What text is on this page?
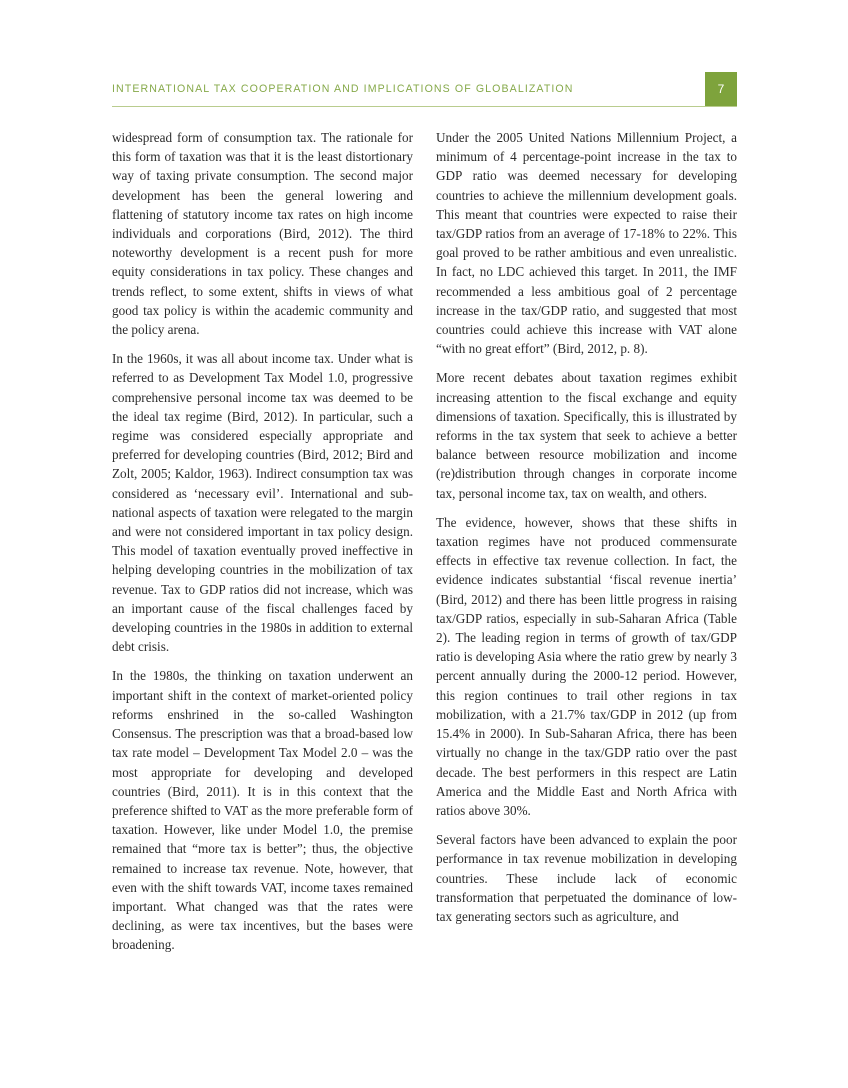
INTERNATIONAL TAX COOPERATION AND IMPLICATIONS OF GLOBALIZATION	7

widespread form of consumption tax. The rationale for this form of taxation was that it is the least distortionary way of taxing private consumption. The second major development has been the general lowering and flattening of statutory income tax rates on high income individuals and corporations (Bird, 2012). The third noteworthy development is a recent push for more equity considerations in tax policy. These changes and trends reflect, to some extent, shifts in views of what good tax policy is within the academic community and the policy arena.

In the 1960s, it was all about income tax. Under what is referred to as Development Tax Model 1.0, progressive comprehensive personal income tax was deemed to be the ideal tax regime (Bird, 2012). In particular, such a regime was considered especially appropriate and preferred for developing countries (Bird, 2012; Bird and Zolt, 2005; Kaldor, 1963). Indirect consumption tax was considered as ‘necessary evil’. International and sub-national aspects of taxation were relegated to the margin and were not considered important in tax policy design. This model of taxation eventually proved ineffective in helping developing countries in the mobilization of tax revenue. Tax to GDP ratios did not increase, which was an important cause of the fiscal challenges faced by developing countries in the 1980s in addition to external debt crisis.

In the 1980s, the thinking on taxation underwent an important shift in the context of market-oriented policy reforms enshrined in the so-called Washington Consensus. The prescription was that a broad-based low tax rate model – Development Tax Model 2.0 – was the most appropriate for developing and developed countries (Bird, 2011). It is in this context that the preference shifted to VAT as the more preferable form of taxation. However, like under Model 1.0, the premise remained that “more tax is better”; thus, the objective remained to increase tax revenue. Note, however, that even with the shift towards VAT, income taxes remained important. What changed was that the rates were declining, as were tax incentives, but the bases were broadening.

Under the 2005 United Nations Millennium Project, a minimum of 4 percentage-point increase in the tax to GDP ratio was deemed necessary for developing countries to achieve the millennium development goals. This meant that countries were expected to raise their tax/GDP ratios from an average of 17-18% to 22%. This goal proved to be rather ambitious and even unrealistic. In fact, no LDC achieved this target. In 2011, the IMF recommended a less ambitious goal of 2 percentage increase in the tax/GDP ratio, and suggested that most countries could achieve this increase with VAT alone “with no great effort” (Bird, 2012, p. 8).

More recent debates about taxation regimes exhibit increasing attention to the fiscal exchange and equity dimensions of taxation. Specifically, this is illustrated by reforms in the tax system that seek to achieve a better balance between resource mobilization and income (re)distribution through changes in corporate income tax, personal income tax, tax on wealth, and others.

The evidence, however, shows that these shifts in taxation regimes have not produced commensurate effects in effective tax revenue collection. In fact, the evidence indicates substantial ‘fiscal revenue inertia’ (Bird, 2012) and there has been little progress in raising tax/GDP ratios, especially in sub-Saharan Africa (Table 2). The leading region in terms of growth of tax/GDP ratio is developing Asia where the ratio grew by nearly 3 percent annually during the 2000-12 period. However, this region continues to trail other regions in tax mobilization, with a 21.7% tax/GDP in 2012 (up from 15.4% in 2000). In Sub-Saharan Africa, there has been virtually no change in the tax/GDP ratio over the past decade. The best performers in this respect are Latin America and the Middle East and North Africa with ratios above 30%.

Several factors have been advanced to explain the poor performance in tax revenue mobilization in developing countries. These include lack of economic transformation that perpetuated the dominance of low-tax generating sectors such as agriculture, and
